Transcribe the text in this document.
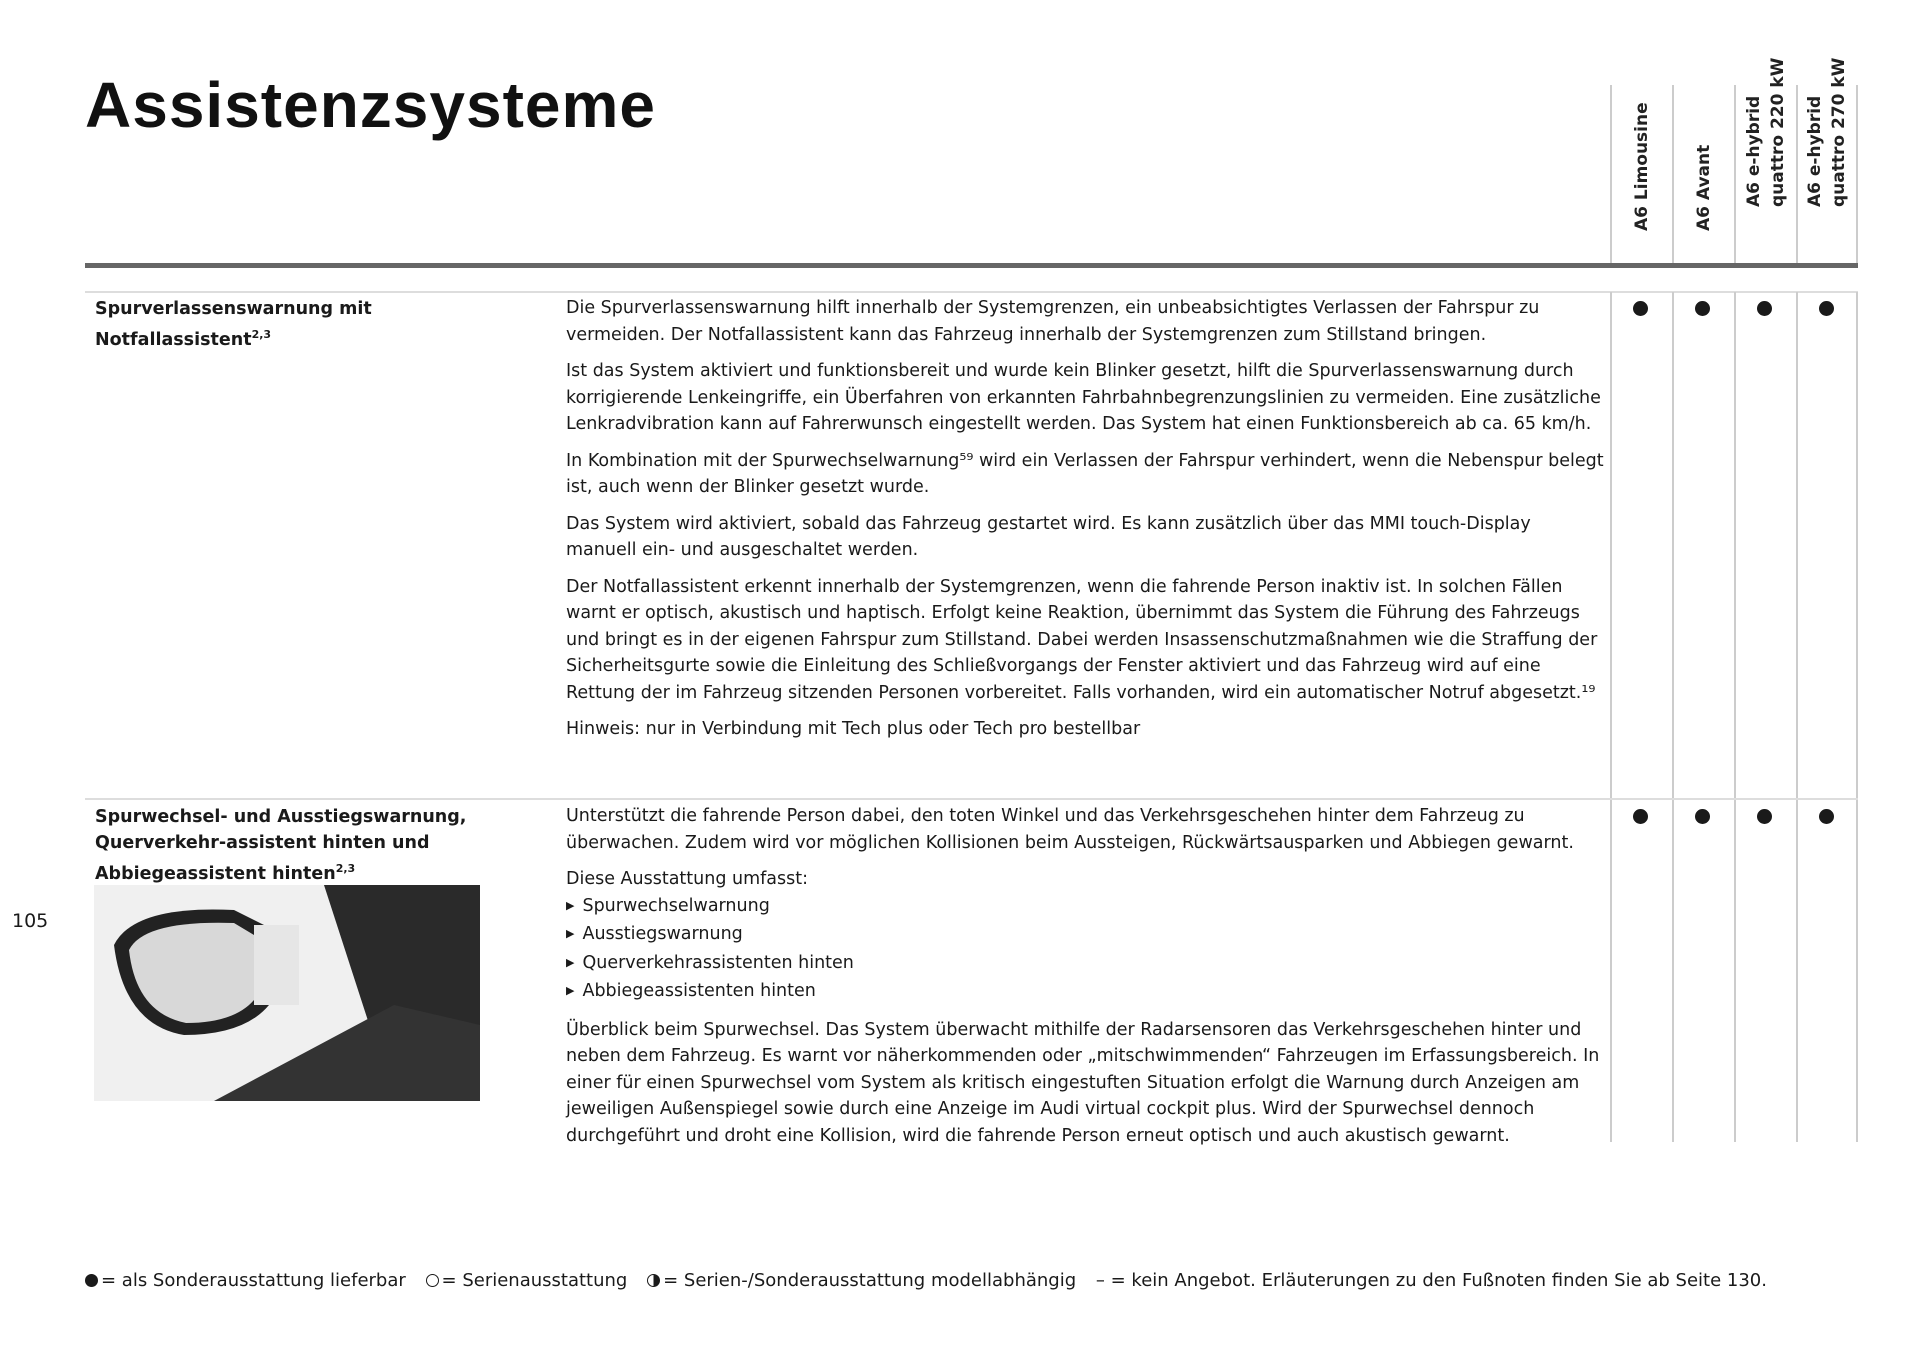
Assistenzsysteme	A6 Limousine A6 Avant A6 e-hybrid
quattro 220 kW
A6 e-hybrid
quattro 270 kW
Spurverlassenswarnung mit Notfallassistent$^{2,3}$

Die Spurverlassenswarnung hilft innerhalb der Systemgrenzen, ein unbeabsichtigtes Verlassen der Fahrspur zu vermeiden. Der Notfallassistent kann das Fahrzeug innerhalb der Systemgrenzen zum Stillstand bringen.

Ist das System aktiviert und funktionsbereit und wurde kein Blinker gesetzt, hilft die Spurverlassenswarnung durch korrigierende Lenkeingriffe, ein Überfahren von erkannten Fahrbahnbegrenzungslinien zu vermeiden. Eine zusätzliche Lenkradvibration kann auf Fahrerwunsch eingestellt werden. Das System hat einen Funktionsbereich ab ca. 65 km/h.

In Kombination mit der Spurwechselwarnung⁵⁹ wird ein Verlassen der Fahrspur verhindert, wenn die Nebenspur belegt ist, auch wenn der Blinker gesetzt wurde.

Das System wird aktiviert, sobald das Fahrzeug gestartet wird. Es kann zusätzlich über das MMI touch-Display manuell ein- und ausgeschaltet werden.

Der Notfallassistent erkennt innerhalb der Systemgrenzen, wenn die fahrende Person inaktiv ist. In solchen Fällen warnt er optisch, akustisch und haptisch. Erfolgt keine Reaktion, übernimmt das System die Führung des Fahrzeugs und bringt es in der eigenen Fahrspur zum Stillstand. Dabei werden Insassenschutzmaßnahmen wie die Straffung der Sicherheitsgurte sowie die Einleitung des Schließvorgangs der Fenster aktiviert und das Fahrzeug wird auf eine Rettung der im Fahrzeug sitzenden Personen vorbereitet. Falls vorhanden, wird ein automatischer Notruf abgesetzt.¹⁹

Hinweis: nur in Verbindung mit Tech plus oder Tech pro bestellbar

Spurwechsel- und Ausstiegswarnung, Querverkehr-assistent hinten und Abbiegeassistent hinten$^{2,3}$

Unterstützt die fahrende Person dabei, den toten Winkel und das Verkehrsgeschehen hinter dem Fahrzeug zu überwachen. Zudem wird vor möglichen Kollisionen beim Aussteigen, Rückwärtsausparken und Abbiegen gewarnt.

Diese Ausstattung umfasst:

▶ Spurwechselwarnung
▶ Ausstiegswarnung
▶ Querverkehrassistenten hinten
▶ Abbiegeassistenten hinten

Überblick beim Spurwechsel. Das System überwacht mithilfe der Radarsensoren das Verkehrsgeschehen hinter und neben dem Fahrzeug. Es warnt vor näherkommenden oder „mitschwimmenden“ Fahrzeugen im Erfassungsbereich. In einer für einen Spurwechsel vom System als kritisch eingestuften Situation erfolgt die Warnung durch Anzeigen am jeweiligen Außenspiegel sowie durch eine Anzeige im Audi virtual cockpit plus. Wird der Spurwechsel dennoch durchgeführt und droht eine Kollision, wird die fahrende Person erneut optisch und auch akustisch gewarnt.

105
= als Sonderausstattung lieferbar = Serienausstattung = Serien-/Sonderausstattung modellabhängig – = kein Angebot. Erläuterungen zu den Fußnoten finden Sie ab Seite 130.
